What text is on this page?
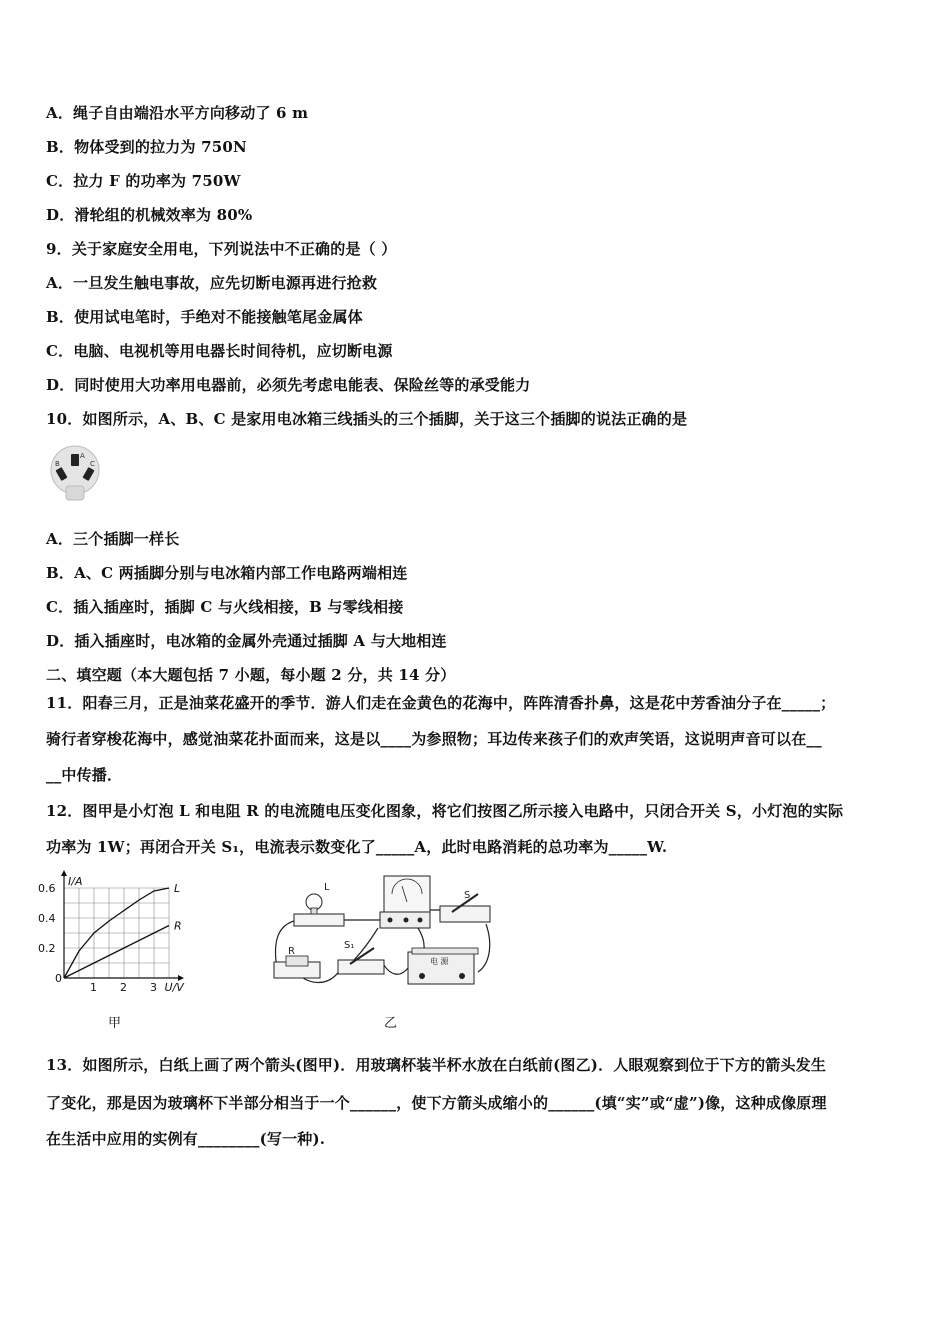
A．绳子自由端沿水平方向移动了 6 m
B．物体受到的拉力为 750N
C．拉力 F 的功率为 750W
D．滑轮组的机械效率为 80%
9．关于家庭安全用电，下列说法中不正确的是（ ）
A．一旦发生触电事故，应先切断电源再进行抢救
B．使用试电笔时，手绝对不能接触笔尾金属体
C．电脑、电视机等用电器长时间待机，应切断电源
D．同时使用大功率用电器前，必须先考虑电能表、保险丝等的承受能力
10．如图所示，A、B、C 是家用电冰箱三线插头的三个插脚，关于这三个插脚的说法正确的是
A
B	C
A．三个插脚一样长
B．A、C 两插脚分别与电冰箱内部工作电路两端相连
C．插入插座时，插脚 C 与火线相接，B 与零线相接
D．插入插座时，电冰箱的金属外壳通过插脚 A 与大地相连
二、填空题（本大题包括 7 小题，每小题 2 分，共 14 分）
11．阳春三月，正是油菜花盛开的季节．游人们走在金黄色的花海中，阵阵清香扑鼻，这是花中芳香油分子在_____；
骑行者穿梭花海中，感觉油菜花扑面而来，这是以____为参照物；耳边传来孩子们的欢声笑语，这说明声音可以在__
__中传播．
12．图甲是小灯泡 L 和电阻 R 的电流随电压变化图象，将它们按图乙所示接入电路中，只闭合开关 S，小灯泡的实际
功率为 1W；再闭合开关 S₁，电流表示数变化了_____A，此时电路消耗的总功率为_____W.
1 2 3
0.2
0.4
0.6
0
U/V
I/A
L
R
甲
L
S
R
S₁
电 源
乙
13．如图所示，白纸上画了两个箭头(图甲)．用玻璃杯装半杯水放在白纸前(图乙)．人眼观察到位于下方的箭头发生
了变化，那是因为玻璃杯下半部分相当于一个______，使下方箭头成缩小的______(填“实”或“虚”)像，这种成像原理
在生活中应用的实例有________(写一种).
